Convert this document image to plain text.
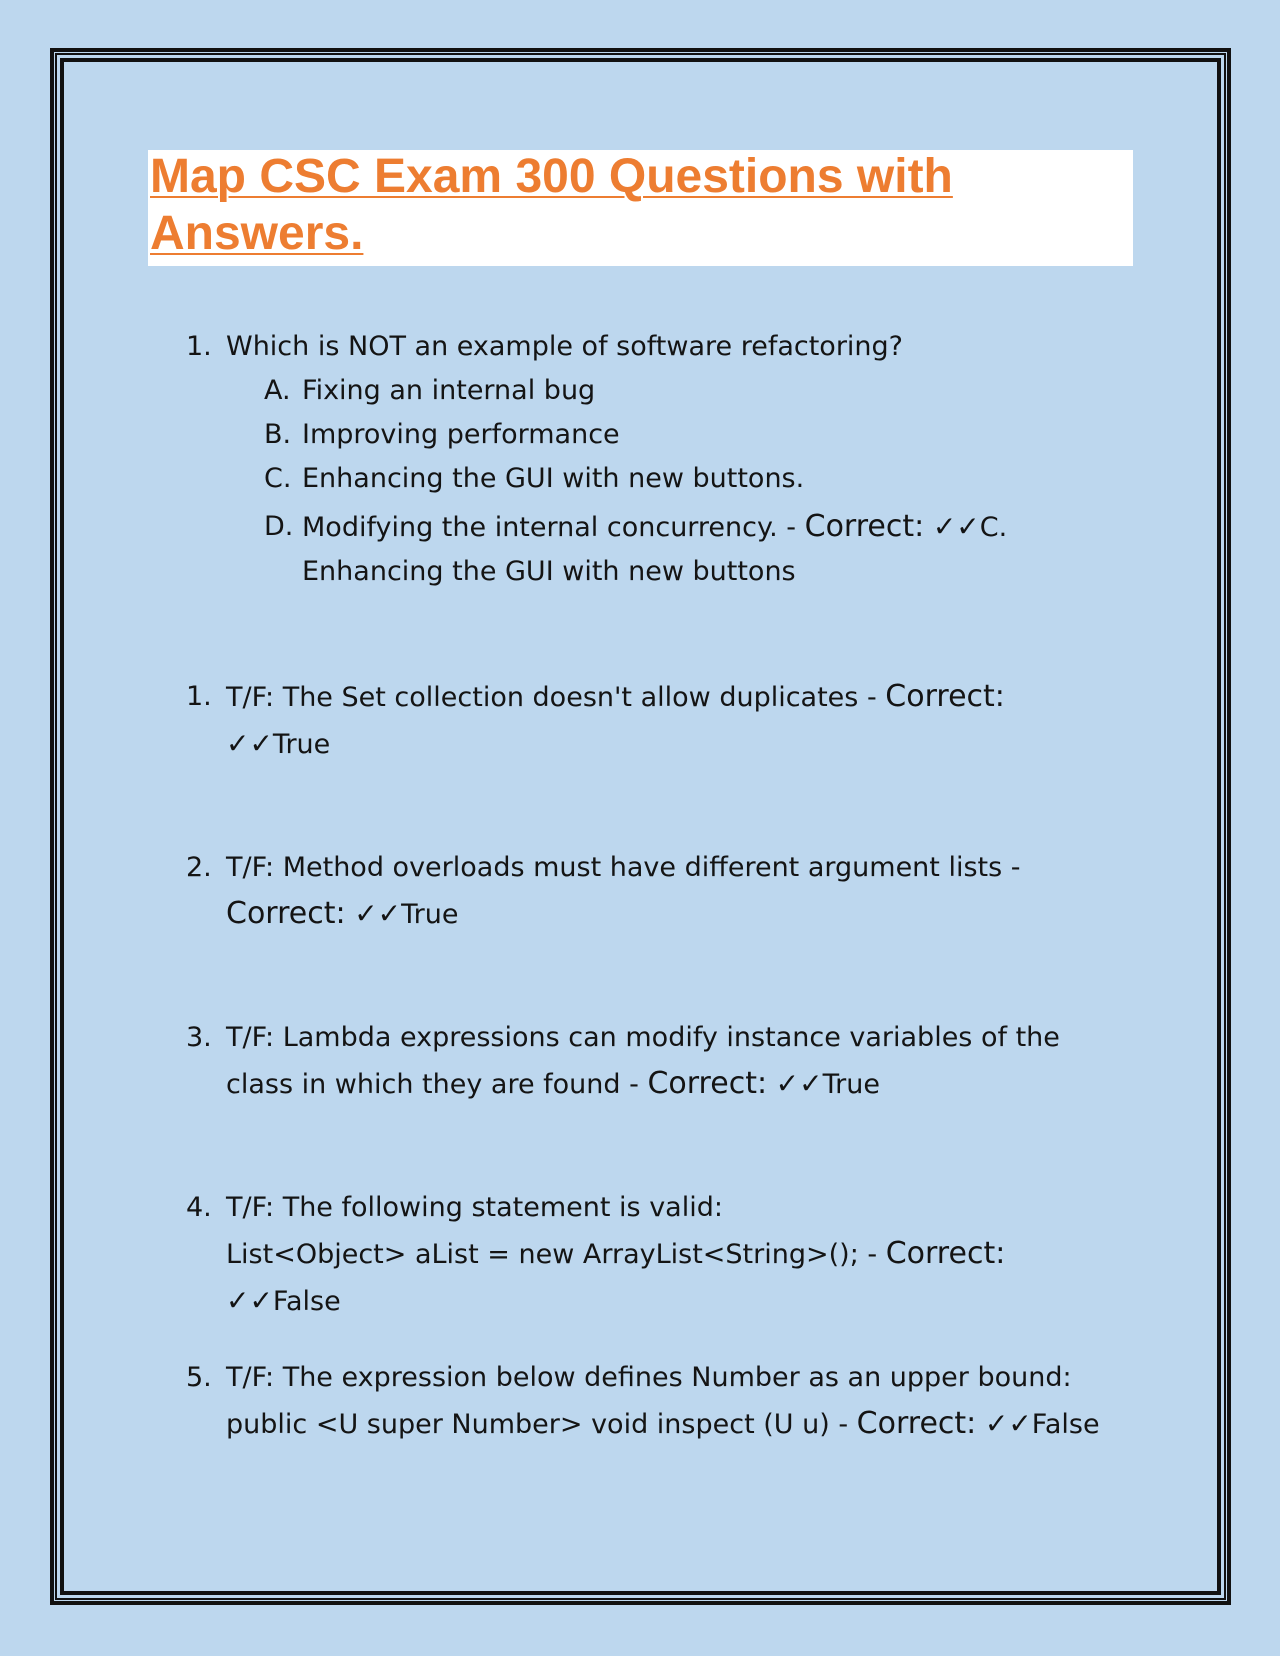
Map CSC Exam 300 Questions with Answers.
1. Which is NOT an example of software refactoring?
A. Fixing an internal bug
B. Improving performance
C. Enhancing the GUI with new buttons.
D. Modifying the internal concurrency. - Correct: ✓✓C. Enhancing the GUI with new buttons
1. T/F: The Set collection doesn't allow duplicates - Correct:
✓✓True
2. T/F: Method overloads must have different argument lists -
Correct: ✓✓True
3. T/F: Lambda expressions can modify instance variables of the class in which they are found - Correct: ✓✓True
4. T/F: The following statement is valid:
List<Object> aList = new ArrayList<String>(); - Correct: ✓✓False
5. T/F: The expression below defines Number as an upper bound:
public <U super Number> void inspect (U u) - Correct: ✓✓False
